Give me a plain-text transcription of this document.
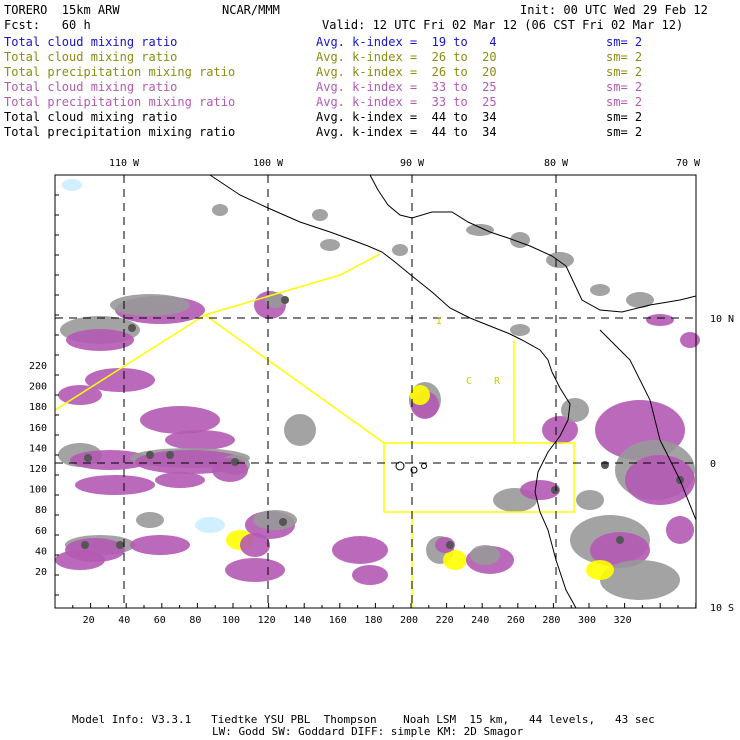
TORERO  15km ARW	NCAR/MMM	Init: 00 UTC Wed 29 Feb 12
Fcst:   60 h	Valid: 12 UTC Fri 02 Mar 12 (06 CST Fri 02 Mar 12)
Total cloud mixing ratio	Avg. k-index =  19 to   4	sm= 2
Total cloud mixing ratio	Avg. k-index =  26 to  20	sm= 2
Total precipitation mixing ratio	Avg. k-index =  26 to  20	sm= 2
Total cloud mixing ratio	Avg. k-index =  33 to  25	sm= 2
Total precipitation mixing ratio	Avg. k-index =  33 to  25	sm= 2
Total cloud mixing ratio	Avg. k-index =  44 to  34	sm= 2
Total precipitation mixing ratio	Avg. k-index =  44 to  34	sm= 2
20 40 60 80 100 120 140 160 180 200 220 240 260 280 300 320
20
40
60
80
100
120
140
160
180
200
220
110 W	100 W	90 W	80 W	70 W
10 N
0
10 S
C R
I
Model Info: V3.3.1   Tiedtke YSU PBL  Thompson    Noah LSM  15 km,   44 levels,   43 sec
LW: Godd SW: Goddard DIFF: simple KM: 2D Smagor
